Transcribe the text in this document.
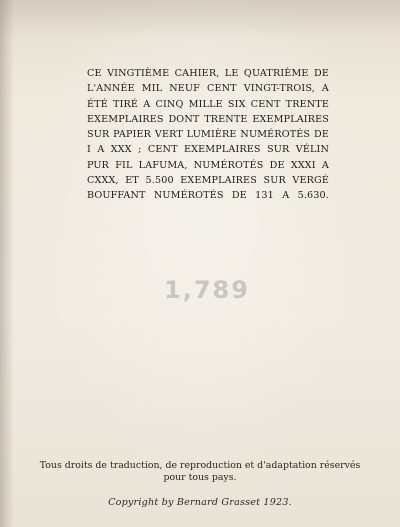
CE VINGTIÈME CAHIER, LE QUATRIÈME DE
L'ANNÉE MIL NEUF CENT VINGT-TROIS, A
ÉTÉ TIRÉ A CINQ MILLE SIX CENT TRENTE
EXEMPLAIRES DONT TRENTE EXEMPLAIRES
SUR PAPIER VERT LUMIÈRE NUMÉROTÉS DE
I A XXX ; CENT EXEMPLAIRES SUR VÉLIN
PUR FIL LAFUMA, NUMÉROTÉS DE XXXI A
CXXX, ET 5.500 EXEMPLAIRES SUR VERGÉ
BOUFFANT NUMÉROTÉS DE 131 A 5.630.
1,789
Tous droits de traduction, de reproduction et d'adaptation réservés
pour tous pays.
Copyright by Bernard Grasset 1923.
